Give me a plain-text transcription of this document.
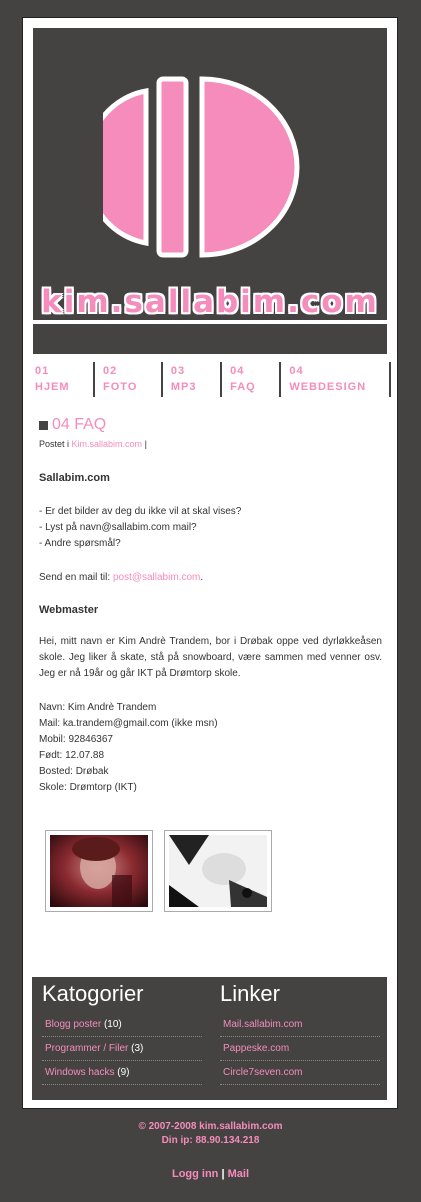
kim.sallabim.com
01 HJEM
02 FOTO
03 MP3
04 FAQ
04 WEBDESIGN
04 FAQ
Postet i Kim.sallabim.com |
Sallabim.com
- Er det bilder av deg du ikke vil at skal vises?
- Lyst på navn@sallabim.com mail?
- Andre spørsmål?
Send en mail til: post@sallabim.com.
Webmaster
Hei, mitt navn er Kim Andrè Trandem, bor i Drøbak oppe ved dyrløkkeåsen skole. Jeg liker å skate, stå på snowboard, være sammen med venner osv. Jeg er nå 19år og går IKT på Drømtorp skole.
Navn: Kim Andrè Trandem
Mail: ka.trandem@gmail.com (ikke msn)
Mobil: 92846367
Født: 12.07.88
Bosted: Drøbak
Skole: Drømtorp (IKT)
Katogorier
Blogg poster (10)
Programmer / Filer (3)
Windows hacks (9)
Linker
Mail.sallabim.com
Pappeske.com
Circle7seven.com
© 2007-2008 kim.sallabim.com
Din ip: 88.90.134.218
Logg inn | Mail
